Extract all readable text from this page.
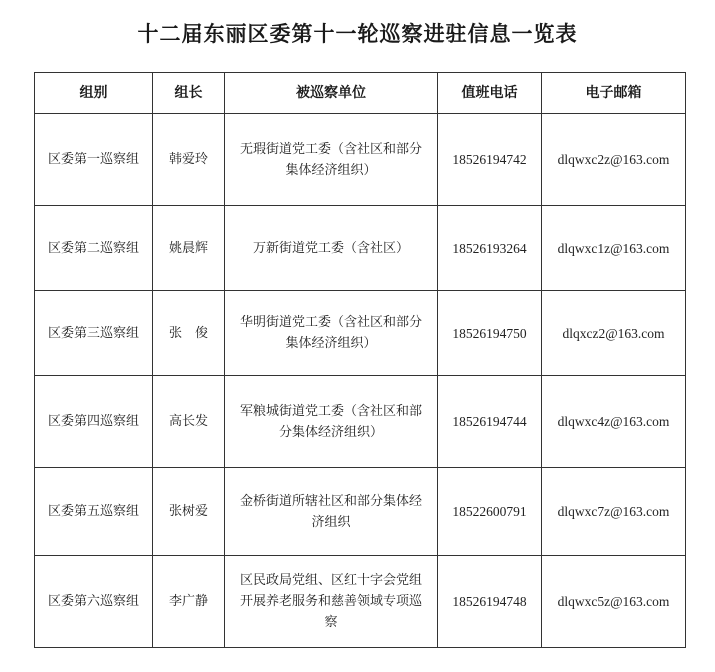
十二届东丽区委第十一轮巡察进驻信息一览表
组别	组长	被巡察单位	值班电话	电子邮箱
区委第一巡察组	韩爱玲	无瑕街道党工委（含社区和部分集体经济组织）	18526194742	dlqwxc2z@163.com
区委第二巡察组	姚晨辉	万新街道党工委（含社区）	18526193264	dlqwxc1z@163.com
区委第三巡察组	张　俊	华明街道党工委（含社区和部分集体经济组织）	18526194750	dlqxcz2@163.com
区委第四巡察组	高长发	军粮城街道党工委（含社区和部分集体经济组织）	18526194744	dlqwxc4z@163.com
区委第五巡察组	张树爱	金桥街道所辖社区和部分集体经济组织	18522600791	dlqwxc7z@163.com
区委第六巡察组	李广静	区民政局党组、区红十字会党组开展养老服务和慈善领域专项巡察	18526194748	dlqwxc5z@163.com
